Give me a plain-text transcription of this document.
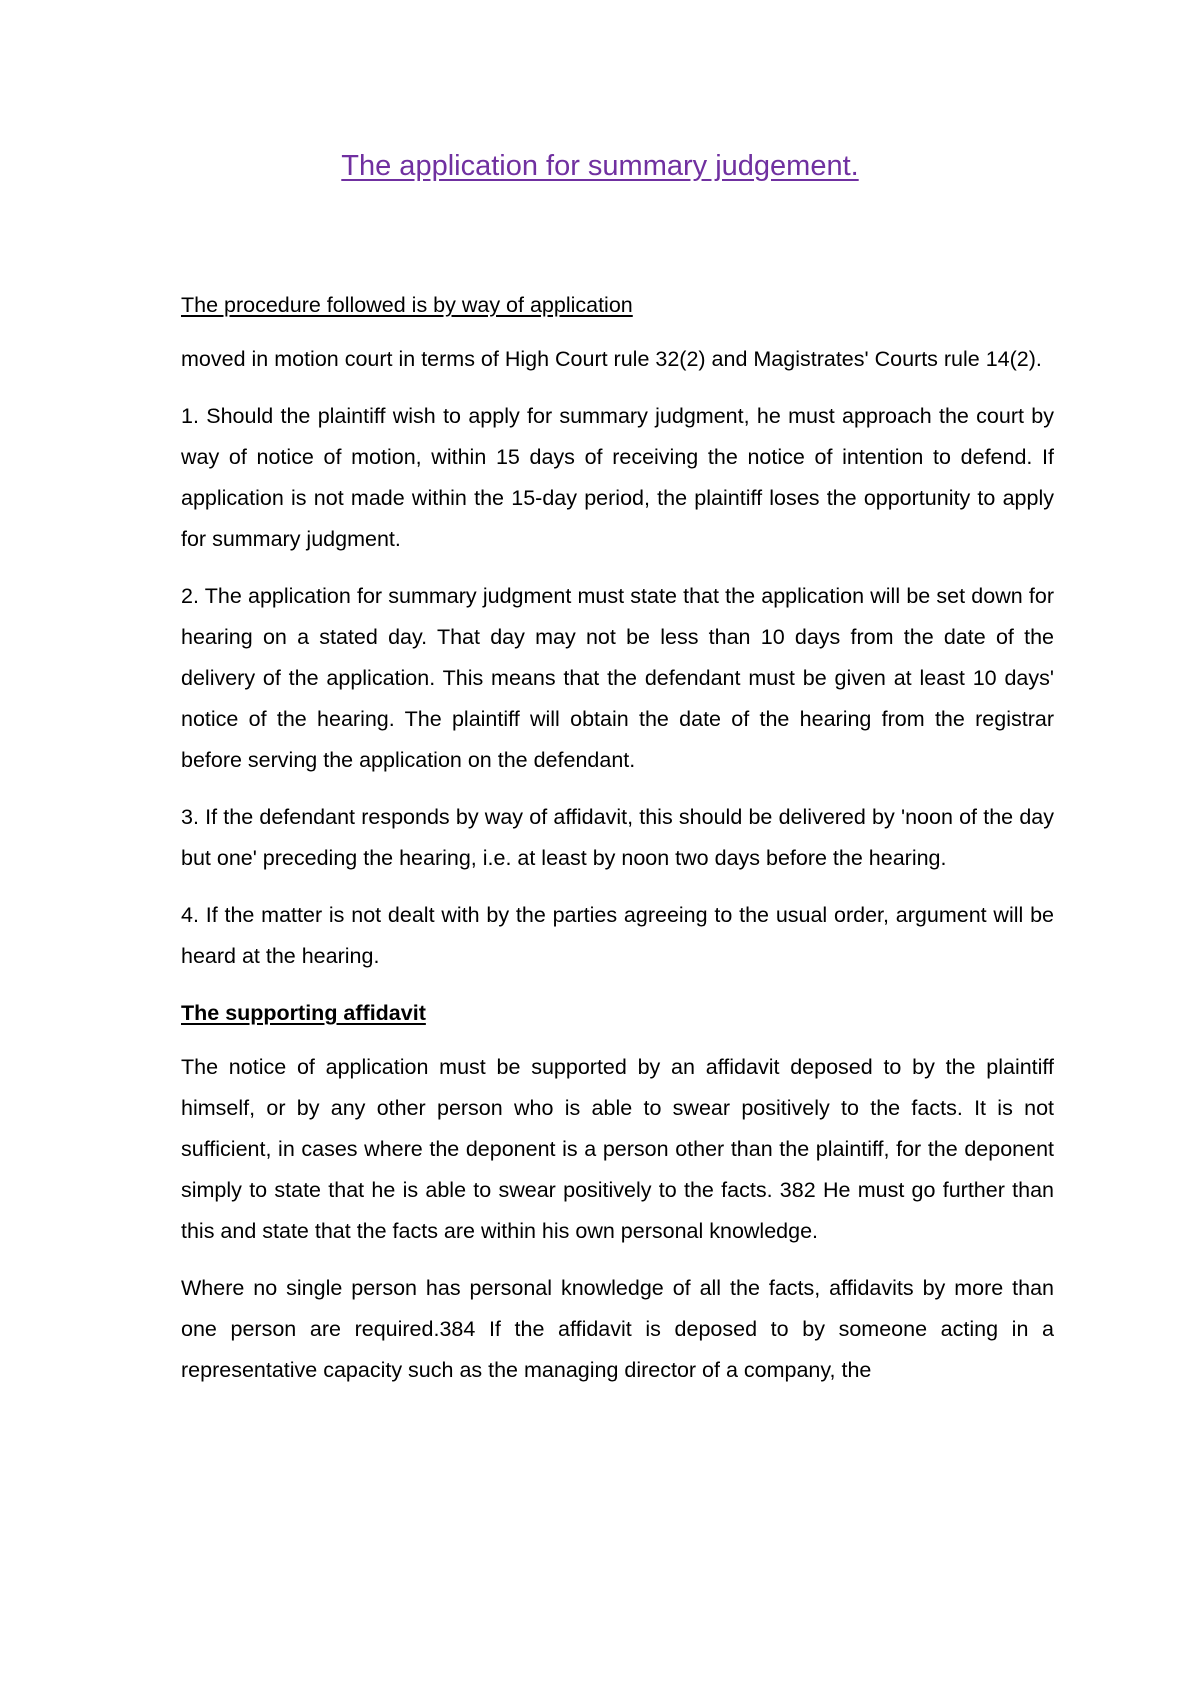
The application for summary judgement.

The procedure followed is by way of application

moved in motion court in terms of High Court rule 32(2) and Magistrates' Courts rule 14(2).

1. Should the plaintiff wish to apply for summary judgment, he must approach the court by way of notice of motion, within 15 days of receiving the notice of intention to defend. If application is not made within the 15-day period, the plaintiff loses the opportunity to apply for summary judgment.

2. The application for summary judgment must state that the application will be set down for hearing on a stated day. That day may not be less than 10 days from the date of the delivery of the application. This means that the defendant must be given at least 10 days' notice of the hearing. The plaintiff will obtain the date of the hearing from the registrar before serving the application on the defendant.

3. If the defendant responds by way of affidavit, this should be delivered by 'noon of the day but one' preceding the hearing, i.e. at least by noon two days before the hearing.

4. If the matter is not dealt with by the parties agreeing to the usual order, argument will be heard at the hearing.

The supporting affidavit

The notice of application must be supported by an affidavit deposed to by the plaintiff himself, or by any other person who is able to swear positively to the facts. It is not sufficient, in cases where the deponent is a person other than the plaintiff, for the deponent simply to state that he is able to swear positively to the facts. 382 He must go further than this and state that the facts are within his own personal knowledge.

Where no single person has personal knowledge of all the facts, affidavits by more than one person are required.384 If the affidavit is deposed to by someone acting in a representative capacity such as the managing director of a company, the
